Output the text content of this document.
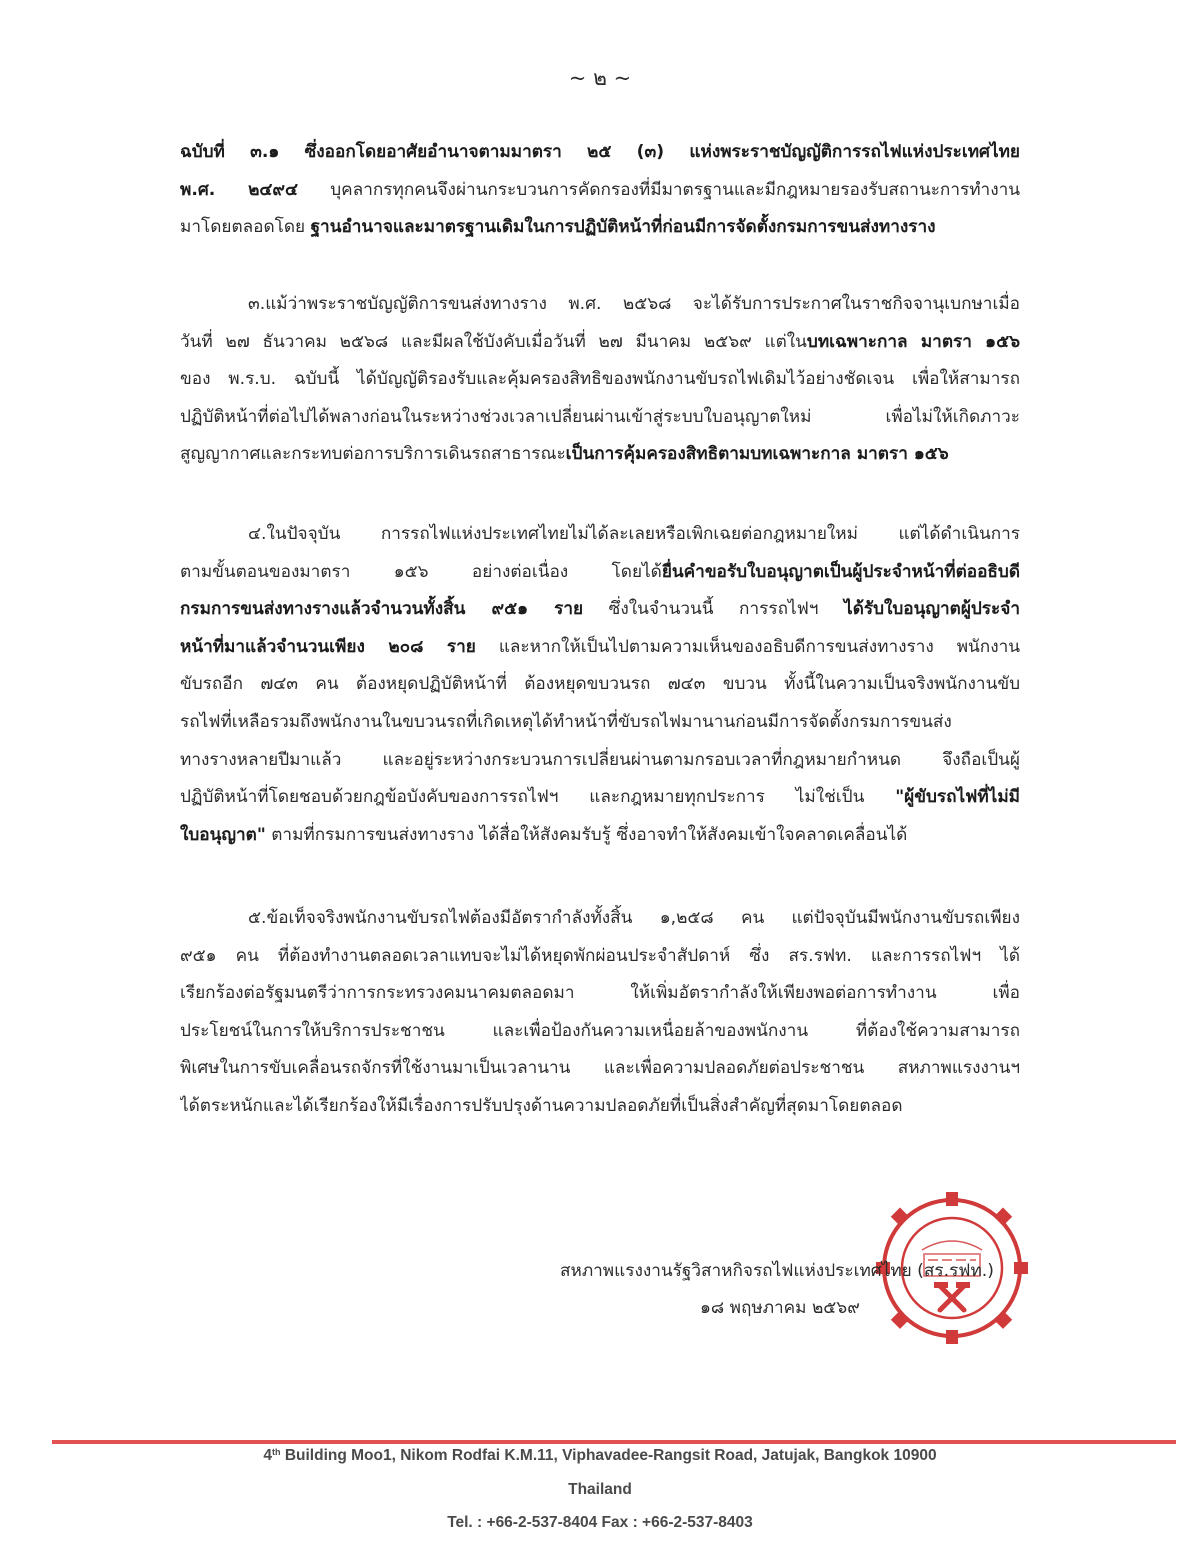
~ ๒ ~
ฉบับที่ ๓.๑ ซึ่งออกโดยอาศัยอำนาจตามมาตรา ๒๕ (๓) แห่งพระราชบัญญัติการรถไฟแห่งประเทศไทย
พ.ศ. ๒๔๙๔ บุคลากรทุกคนจึงผ่านกระบวนการคัดกรองที่มีมาตรฐานและมีกฎหมายรองรับสถานะการทำงาน
มาโดยตลอดโดย ฐานอำนาจและมาตรฐานเดิมในการปฏิบัติหน้าที่ก่อนมีการจัดตั้งกรมการขนส่งทางราง
๓.แม้ว่าพระราชบัญญัติการขนส่งทางราง พ.ศ. ๒๕๖๘ จะได้รับการประกาศในราชกิจจานุเบกษาเมื่อ
วันที่ ๒๗ ธันวาคม ๒๕๖๘ และมีผลใช้บังคับเมื่อวันที่ ๒๗ มีนาคม ๒๕๖๙ แต่ในบทเฉพาะกาล มาตรา ๑๕๖
ของ พ.ร.บ. ฉบับนี้ ได้บัญญัติรองรับและคุ้มครองสิทธิของพนักงานขับรถไฟเดิมไว้อย่างชัดเจน เพื่อให้สามารถ
ปฏิบัติหน้าที่ต่อไปได้พลางก่อนในระหว่างช่วงเวลาเปลี่ยนผ่านเข้าสู่ระบบใบอนุญาตใหม่ เพื่อไม่ให้เกิดภาวะ
สูญญากาศและกระทบต่อการบริการเดินรถสาธารณะเป็นการคุ้มครองสิทธิตามบทเฉพาะกาล มาตรา ๑๕๖
๔.ในปัจจุบัน การรถไฟแห่งประเทศไทยไม่ได้ละเลยหรือเพิกเฉยต่อกฎหมายใหม่ แต่ได้ดำเนินการ
ตามขั้นตอนของมาตรา ๑๕๖ อย่างต่อเนื่อง โดยได้ยื่นคำขอรับใบอนุญาตเป็นผู้ประจำหน้าที่ต่ออธิบดี
กรมการขนส่งทางรางแล้วจำนวนทั้งสิ้น ๙๕๑ ราย ซึ่งในจำนวนนี้ การรถไฟฯ ได้รับใบอนุญาตผู้ประจำ
หน้าที่มาแล้วจำนวนเพียง ๒๐๘ ราย และหากให้เป็นไปตามความเห็นของอธิบดีการขนส่งทางราง พนักงาน
ขับรถอีก ๗๔๓ คน ต้องหยุดปฏิบัติหน้าที่ ต้องหยุดขบวนรถ ๗๔๓ ขบวน ทั้งนี้ในความเป็นจริงพนักงานขับ
รถไฟที่เหลือรวมถึงพนักงานในขบวนรถที่เกิดเหตุได้ทำหน้าที่ขับรถไฟมานานก่อนมีการจัดตั้งกรมการขนส่ง
ทางรางหลายปีมาแล้ว และอยู่ระหว่างกระบวนการเปลี่ยนผ่านตามกรอบเวลาที่กฎหมายกำหนด จึงถือเป็นผู้
ปฏิบัติหน้าที่โดยชอบด้วยกฎข้อบังคับของการรถไฟฯ และกฎหมายทุกประการ ไม่ใช่เป็น "ผู้ขับรถไฟที่ไม่มี
ใบอนุญาต" ตามที่กรมการขนส่งทางราง ได้สื่อให้สังคมรับรู้ ซึ่งอาจทำให้สังคมเข้าใจคลาดเคลื่อนได้
๕.ข้อเท็จจริงพนักงานขับรถไฟต้องมีอัตรากำลังทั้งสิ้น ๑,๒๕๘ คน แต่ปัจจุบันมีพนักงานขับรถเพียง
๙๕๑ คน ที่ต้องทำงานตลอดเวลาแทบจะไม่ได้หยุดพักผ่อนประจำสัปดาห์ ซึ่ง สร.รฟท. และการรถไฟฯ ได้
เรียกร้องต่อรัฐมนตรีว่าการกระทรวงคมนาคมตลอดมา ให้เพิ่มอัตรากำลังให้เพียงพอต่อการทำงาน เพื่อ
ประโยชน์ในการให้บริการประชาชน และเพื่อป้องกันความเหนื่อยล้าของพนักงาน ที่ต้องใช้ความสามารถ
พิเศษในการขับเคลื่อนรถจักรที่ใช้งานมาเป็นเวลานาน และเพื่อความปลอดภัยต่อประชาชน สหภาพแรงงานฯ
ได้ตระหนักและได้เรียกร้องให้มีเรื่องการปรับปรุงด้านความปลอดภัยที่เป็นสิ่งสำคัญที่สุดมาโดยตลอด
สหภาพแรงงานรัฐวิสาหกิจรถไฟแห่งประเทศไทย (สร.รฟท.)
๑๘ พฤษภาคม ๒๕๖๙
4th Building Moo1, Nikom Rodfai K.M.11, Viphavadee-Rangsit Road, Jatujak, Bangkok 10900
Thailand
Tel. : +66-2-537-8404 Fax : +66-2-537-8403
